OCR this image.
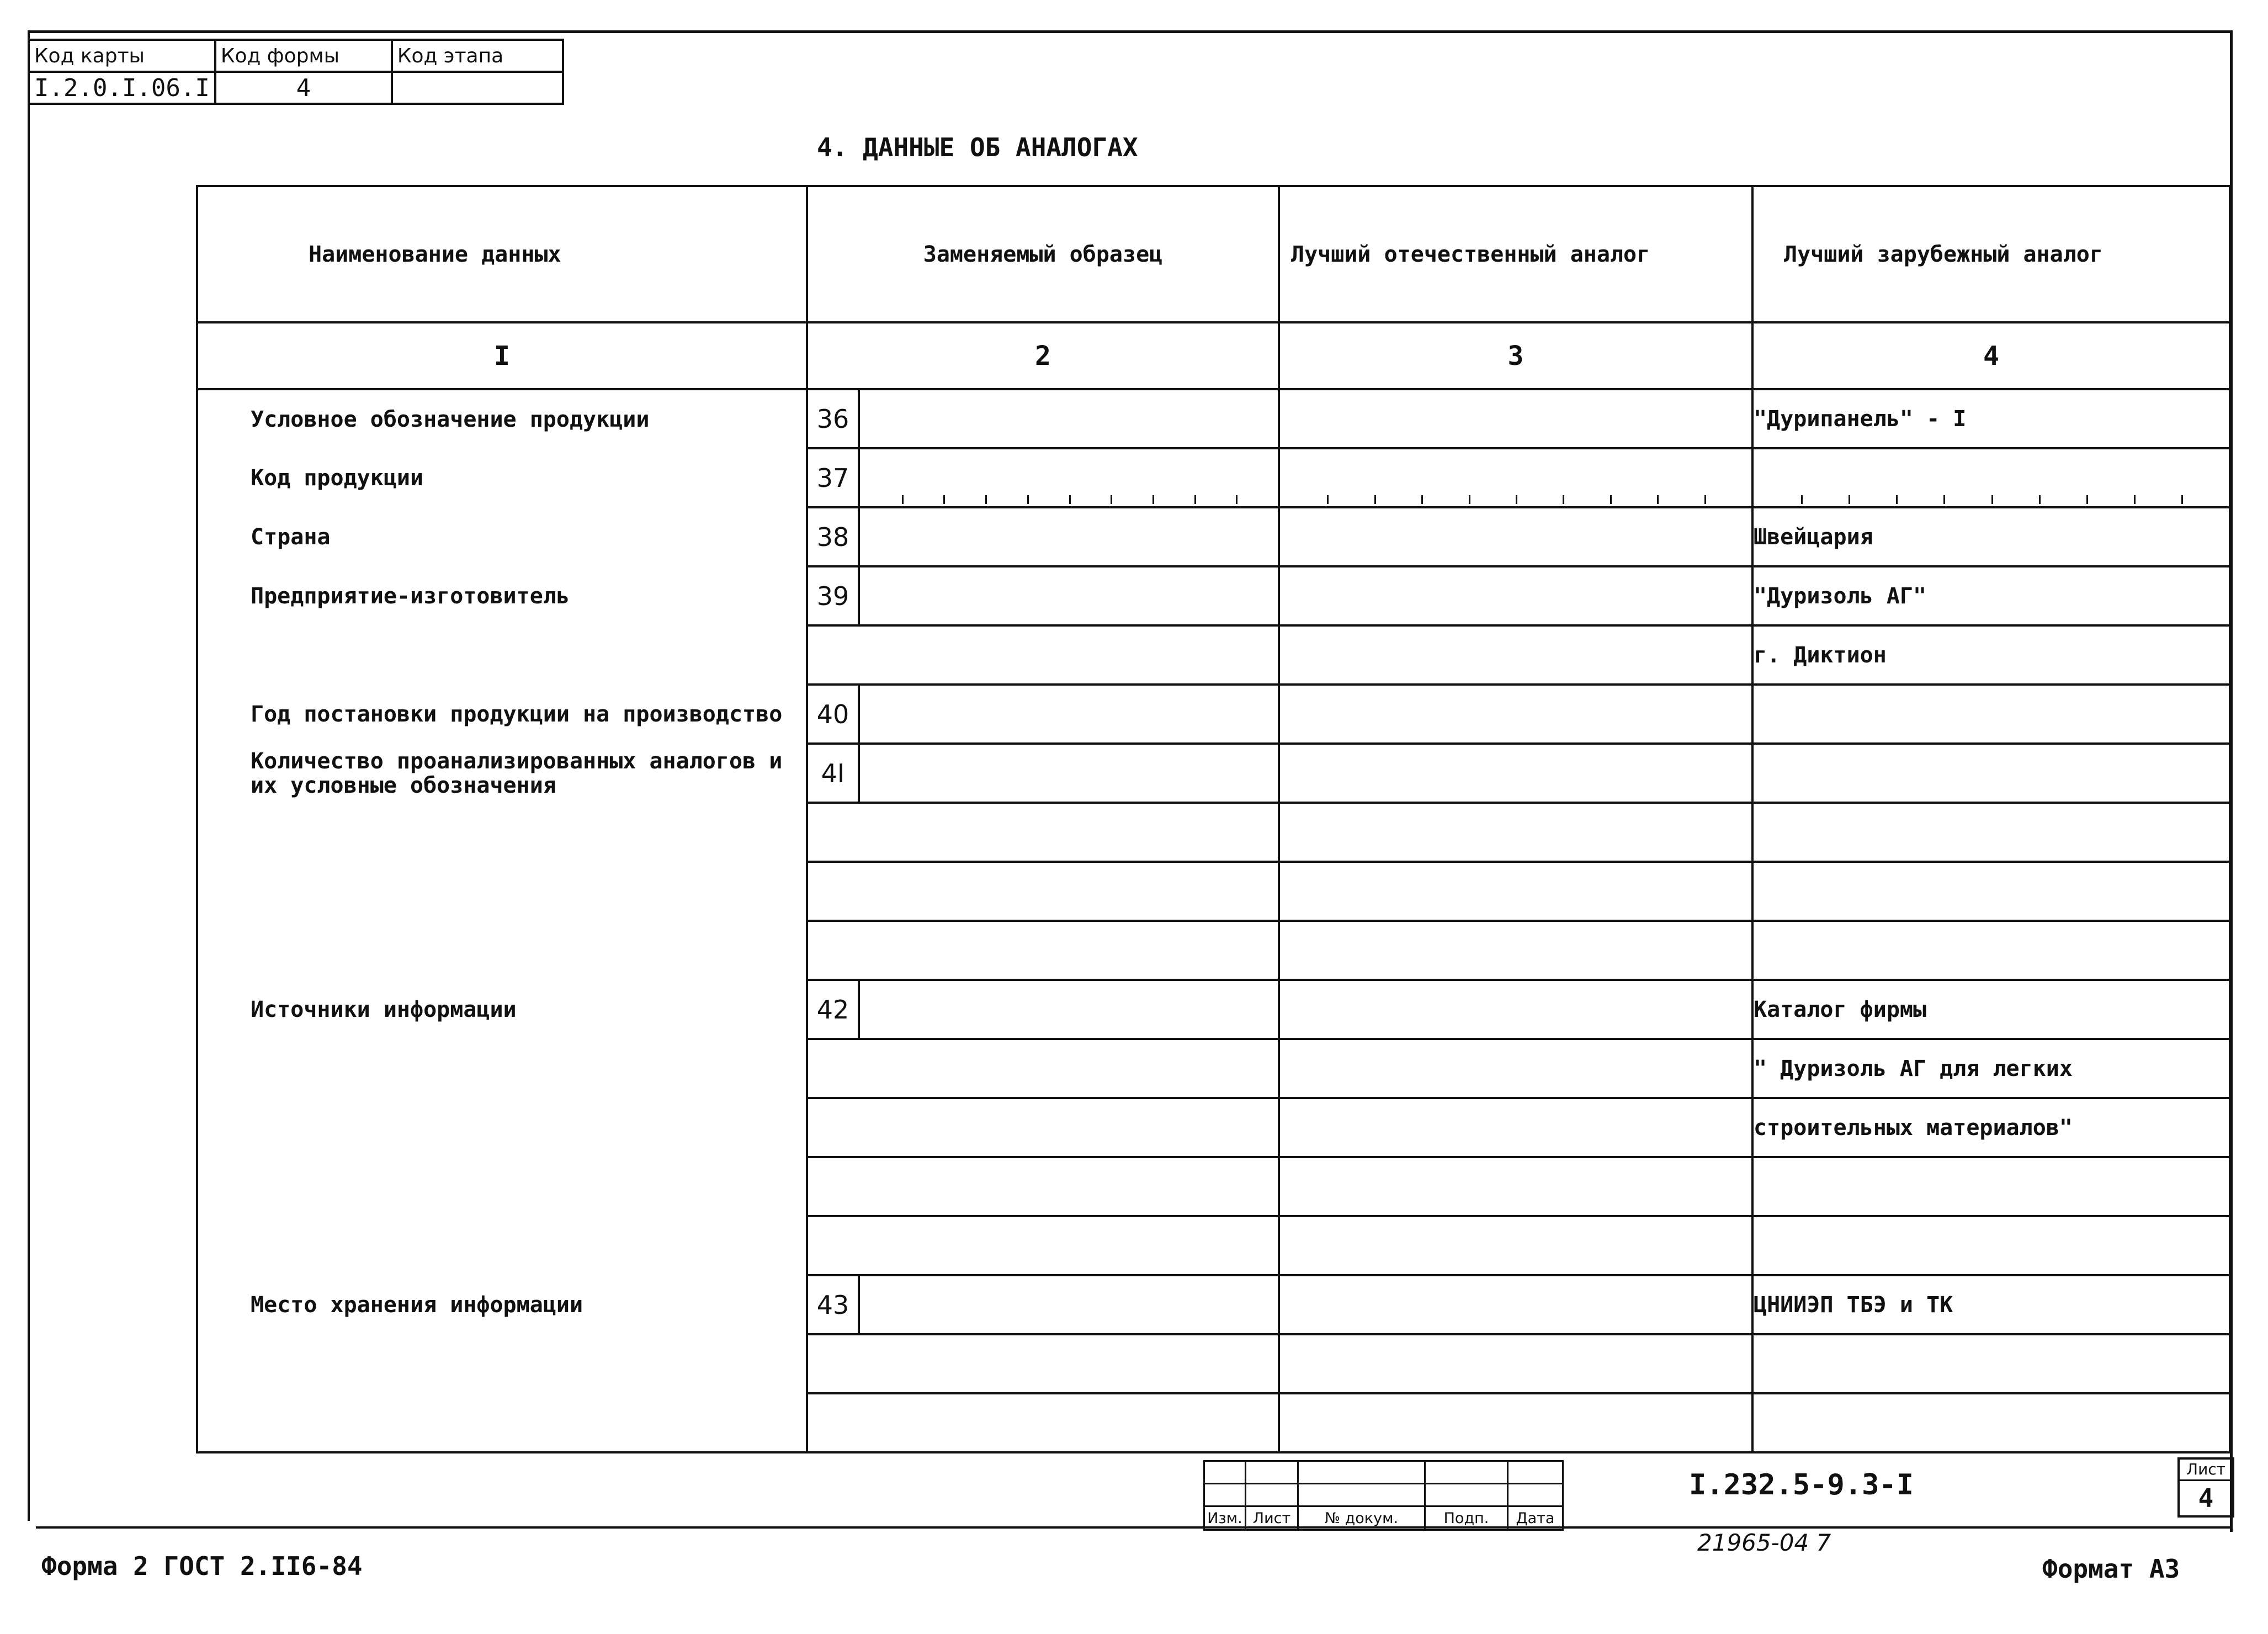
Код карты	Код формы	Код этапа
I.2.0.I.06.I	4	
4. ДАННЫЕ ОБ АНАЛОГАХ
Наименование данных	Заменяемый образец	Лучший отечественный аналог	Лучший зарубежный аналог
I	2	3	4
Условное обозначение продукции	36		"Дурипанель" - I
Код продукции	37		

Страна	38		Швейцария
Предприятие-изготовитель	39		"Дуризоль АГ"
			г. Диктион
Год постановки продукции на производство	40		

Количество проанализированных аналогов и их условные обозначения	4I		

Источники информации	42		Каталог фирмы
			" Дуризоль АГ для легких
			строительных материалов"

Место хранения информации	43		ЦНИИЭП ТБЭ и ТК

Изм.	Лист	№ докум.	Подп.	Дата
I.232.5-9.3-I	Лист
4
21965-04 7
Форма 2 ГОСТ 2.II6-84	Формат А3
